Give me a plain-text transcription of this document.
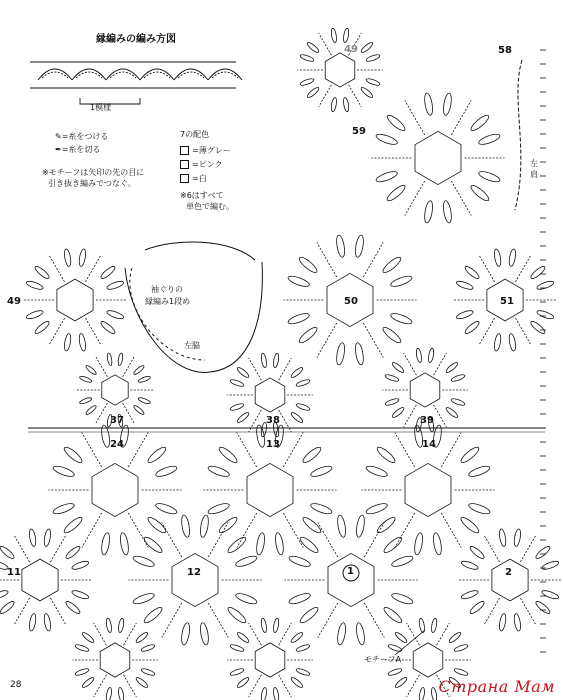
縁編みの編み方図
1模様
✎=糸をつける
✒=糸を切る
※モチーフは矢印の先の目に
引き抜き編みでつなぐ。
7の配色
=薄グレー
=ピンク
=白
※6はすべて
単色で編む。
袖ぐりの
縁編み1段め
左脇
左肩
モチーフA
49	58
59
49	50	51
37	38	39
24	13	14
11	12	1	2
28	Страна Мам
